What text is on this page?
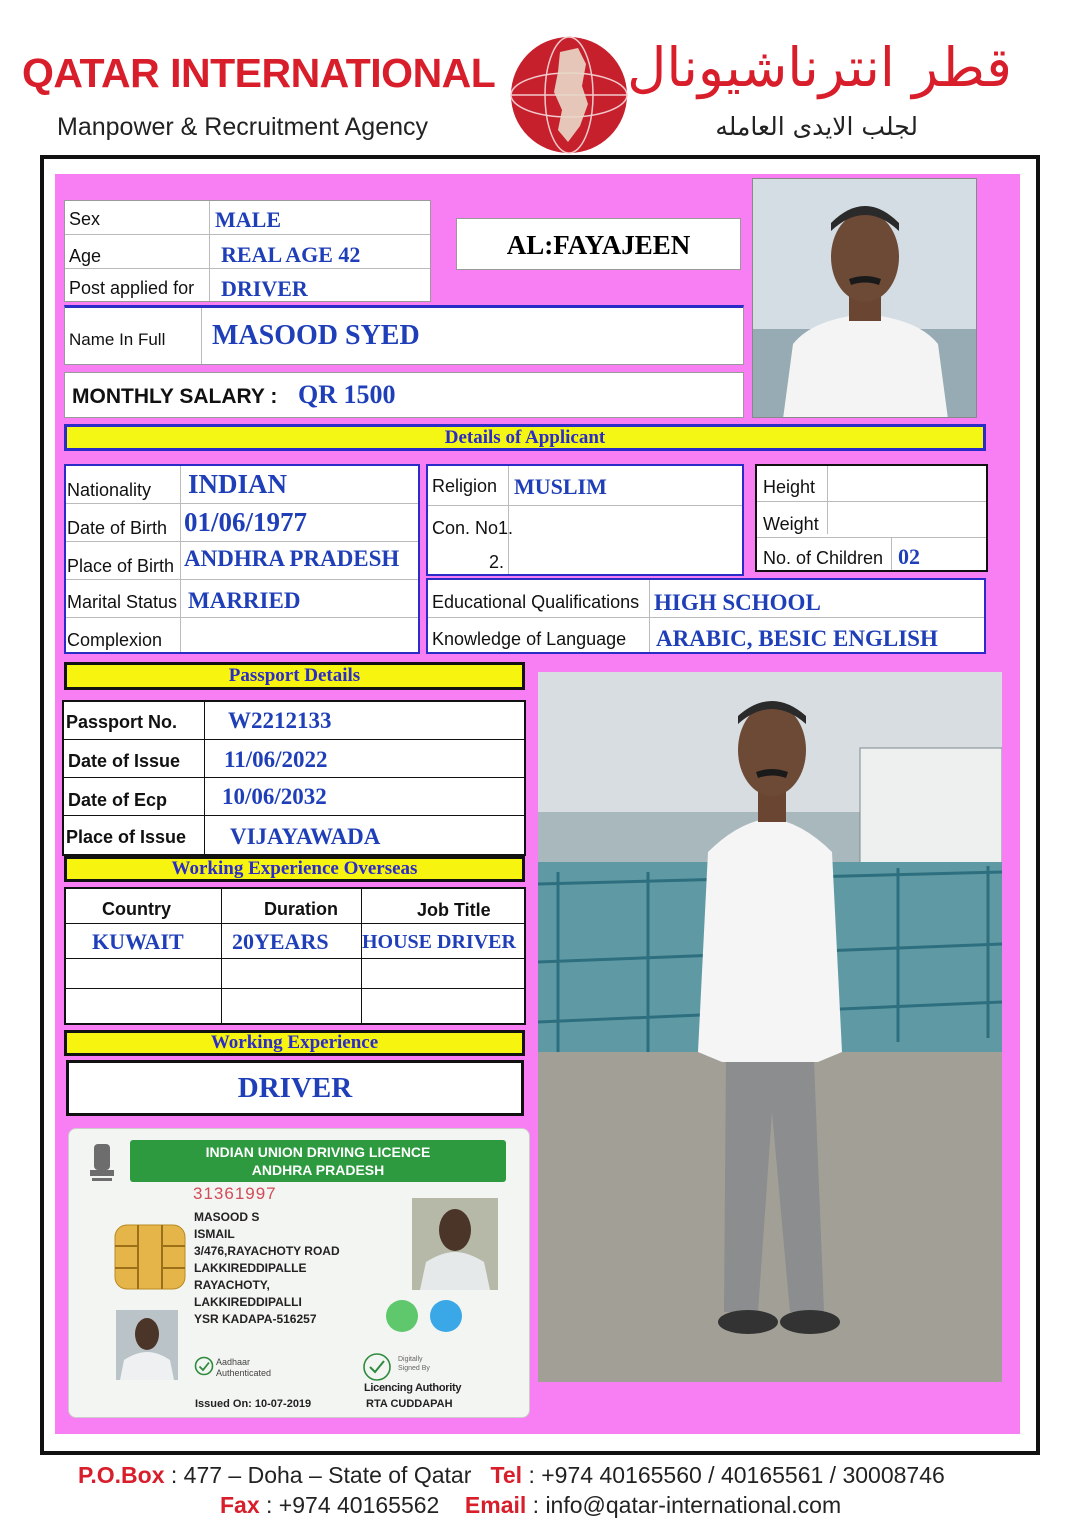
QATAR INTERNATIONAL
Manpower & Recruitment Agency
قطر انترناشيونال
لجلب الايدى العامله
Sex	MALE
Age	REAL AGE 42
Post applied for DRIVER
AL:FAYAJEEN
Name In Full MASOOD SYED
MONTHLY SALARY : QR 1500
Details of Applicant
Nationality INDIAN
Date of Birth 01/06/1977
Place of Birth ANDHRA PRADESH
Marital Status MARRIED
Complexion
Religion MUSLIM
Con. No1.
2.
Height
Weight
No. of Children 02
Educational Qualifications HIGH SCHOOL
Knowledge of Language ARABIC, BESIC ENGLISH
Passport Details
Passport No. W2212133
Date of Issue 11/06/2022
Date of Ecp 10/06/2032
Place of Issue VIJAYAWADA
Working Experience Overseas
Country	Duration	Job Title
KUWAIT 20YEARS HOUSE DRIVER
Working Experience
DRIVER
INDIAN UNION DRIVING LICENCE
ANDHRA PRADESH
31361997
MASOOD S
ISMAIL
3/476,RAYACHOTY ROAD
LAKKIREDDIPALLE
RAYACHOTY,
LAKKIREDDIPALLI
YSR KADAPA-516257
Aadhaar
Authenticated
Digitally
Signed By
Licencing Authority
RTA CUDDAPAH
Issued On: 10-07-2019
P.O.Box : 477 – Doha – State of Qatar Tel : +974 40165560 / 40165561 / 30008746
Fax : +974 40165562 Email : info@qatar-international.com
